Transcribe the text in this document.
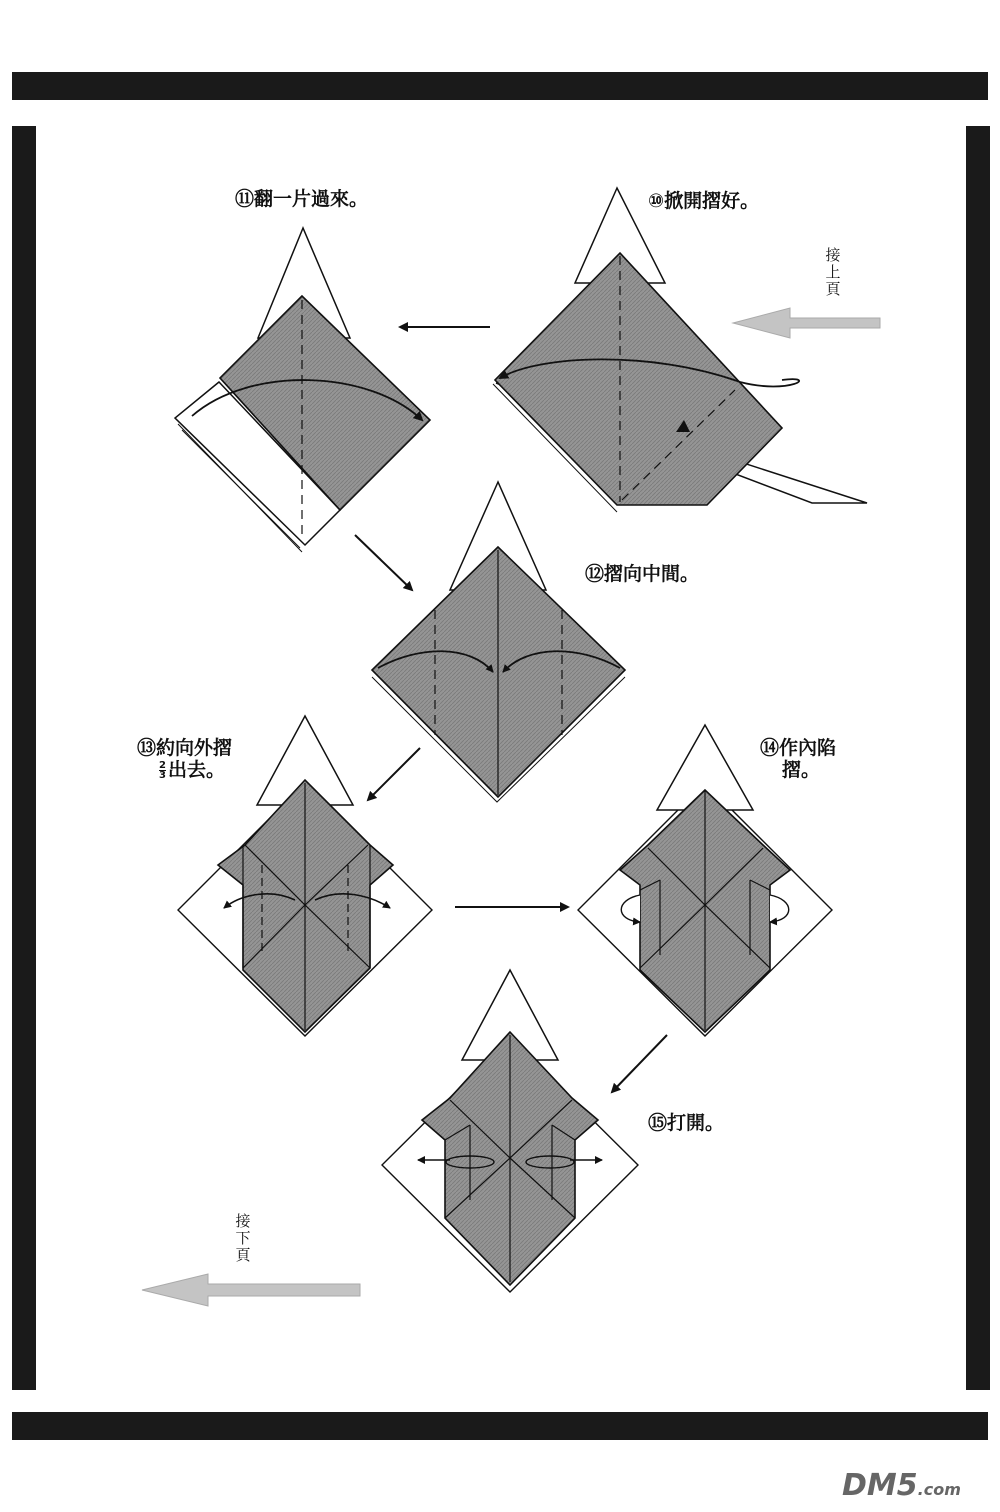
⑩掀開摺好。
⑪翻一片過來。
⑫摺向中間。
⑬約向外摺
$\frac{2}{3}$ 出去。
⑭作內陷
摺。
⑮打開。
接
上
頁
接
下
頁
DM5.com
